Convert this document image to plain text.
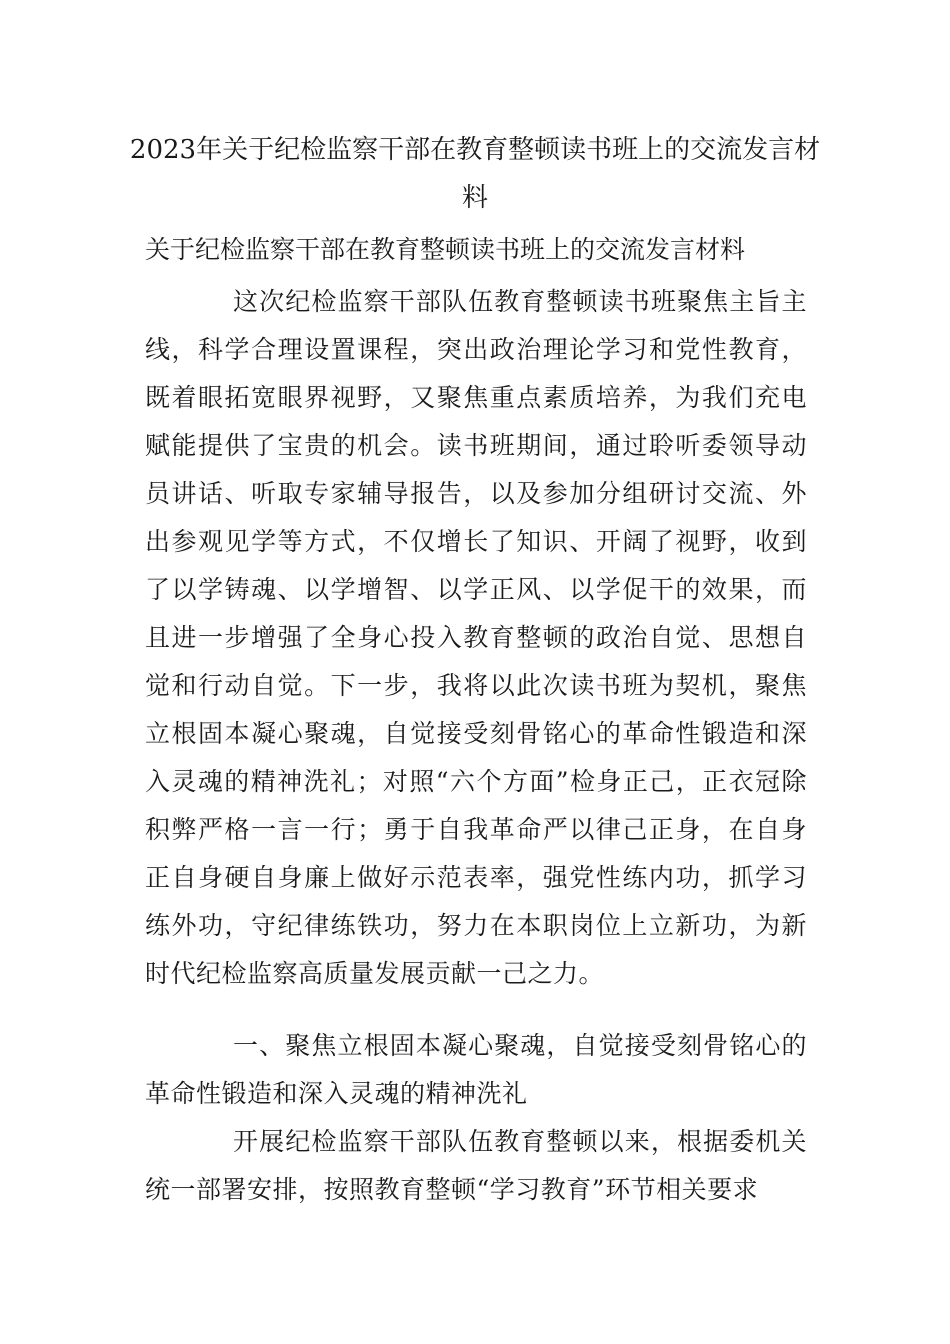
2023年关于纪检监察干部在教育整顿读书班上的交流发言材料

关于纪检监察干部在教育整顿读书班上的交流发言材料

这次纪检监察干部队伍教育整顿读书班聚焦主旨主线，科学合理设置课程，突出政治理论学习和党性教育，既着眼拓宽眼界视野，又聚焦重点素质培养，为我们充电赋能提供了宝贵的机会。读书班期间，通过聆听委领导动员讲话、听取专家辅导报告，以及参加分组研讨交流、外出参观见学等方式，不仅增长了知识、开阔了视野，收到了以学铸魂、以学增智、以学正风、以学促干的效果，而且进一步增强了全身心投入教育整顿的政治自觉、思想自觉和行动自觉。下一步，我将以此次读书班为契机，聚焦立根固本凝心聚魂，自觉接受刻骨铭心的革命性锻造和深入灵魂的精神洗礼；对照“六个方面”检身正己，正衣冠除积弊严格一言一行；勇于自我革命严以律己正身，在自身正自身硬自身廉上做好示范表率，强党性练内功，抓学习练外功，守纪律练铁功，努力在本职岗位上立新功，为新时代纪检监察高质量发展贡献一己之力。

一、聚焦立根固本凝心聚魂，自觉接受刻骨铭心的革命性锻造和深入灵魂的精神洗礼

开展纪检监察干部队伍教育整顿以来，根据委机关统一部署安排，按照教育整顿“学习教育”环节相关要求
